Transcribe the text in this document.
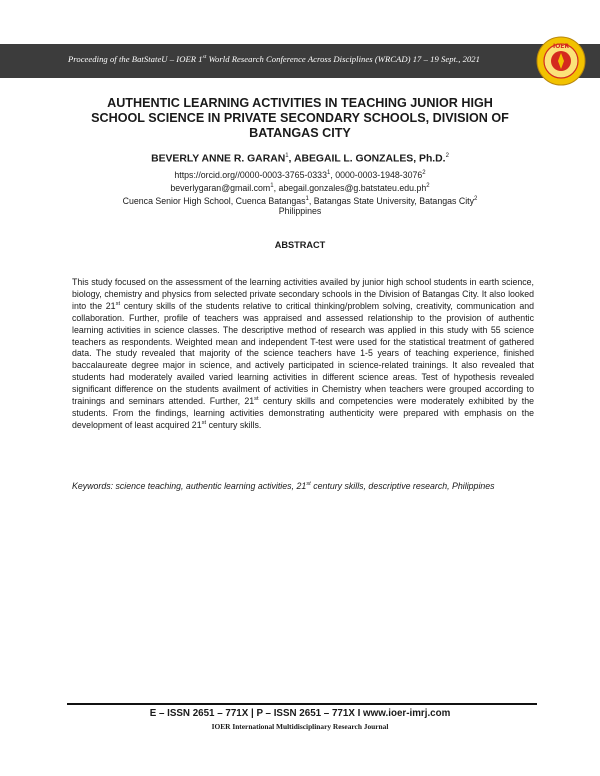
Proceeding of the BatStateU – IOER 1st World Research Conference Across Disciplines (WRCAD) 17 – 19 Sept., 2021
IOER
AUTHENTIC LEARNING ACTIVITIES IN TEACHING JUNIOR HIGH
SCHOOL SCIENCE IN PRIVATE SECONDARY SCHOOLS, DIVISION OF
BATANGAS CITY
BEVERLY ANNE R. GARAN$^1$, ABEGAIL L. GONZALES, Ph.D.$^2$
https://orcid.org//0000-0003-3765-0333$^1$, 0000-0003-1948-3076$^2$
beverlygaran@gmail.com$^1$, $abegail.gonzales@g.batstateu.edu.ph^2$
Cuenca Senior High School, Cuenca Batangas$^1$, Batangas State University, Batangas City$^2$
Philippines
ABSTRACT
This study focused on the assessment of the learning activities availed by junior high school students in earth science, biology, chemistry and physics from selected private secondary schools in the Division of Batangas City. It also looked into the 21st century skills of the students relative to critical thinking/problem solving, creativity, communication and collaboration. Further, profile of teachers was appraised and assessed relationship to the provision of authentic learning activities in science classes. The descriptive method of research was applied in this study with 55 science teachers as respondents. Weighted mean and independent T-test were used for the statistical treatment of gathered data. The study revealed that majority of the science teachers have 1-5 years of teaching experience, finished baccalaureate degree major in science, and actively participated in science-related trainings. It also revealed that students had moderately availed varied learning activities in different science areas. Test of hypothesis revealed significant difference on the students availment of activities in Chemistry when teachers were grouped according to trainings and seminars attended. Further, 21st century skills and competencies were moderately exhibited by the students. From the findings, learning activities demonstrating authenticity were prepared with emphasis on the development of least acquired 21st century skills.
Keywords: science teaching, authentic learning activities, 21st century skills, descriptive research, Philippines
E – ISSN 2651 – 771X | P – ISSN 2651 – 771X I www.ioer-imrj.com
IOER International Multidisciplinary Research Journal
